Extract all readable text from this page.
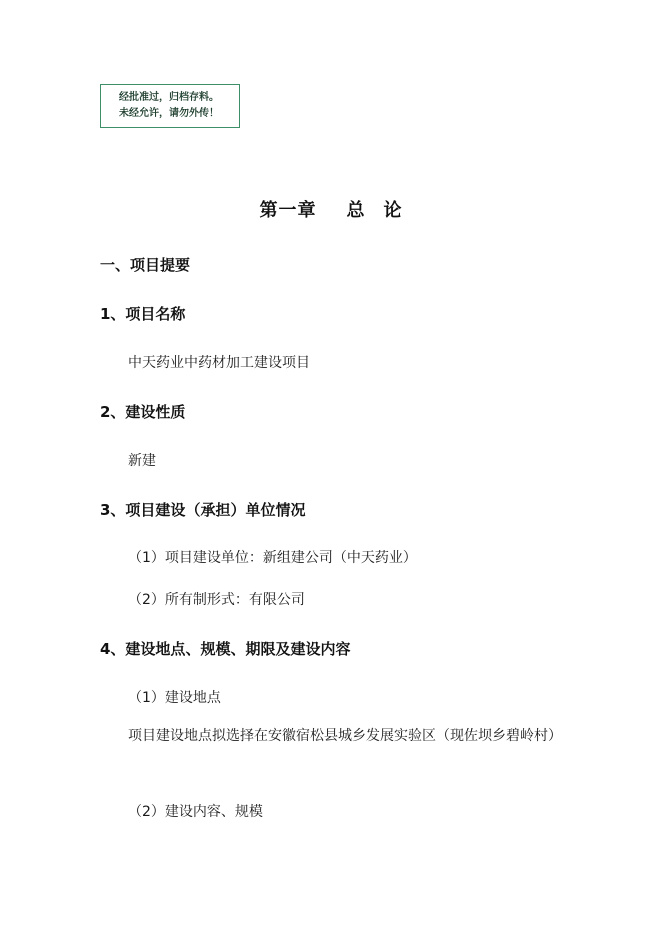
经批准过，归档存料。
未经允许，请勿外传！
第一章 总 论
一、项目提要
1、项目名称
中天药业中药材加工建设项目
2、建设性质
新建
3、项目建设（承担）单位情况
（1）项目建设单位：新组建公司（中天药业）
（2）所有制形式：有限公司
4、建设地点、规模、期限及建设内容
（1）建设地点
项目建设地点拟选择在安徽宿松县城乡发展实验区（现佐坝乡碧岭村）
（2）建设内容、规模
